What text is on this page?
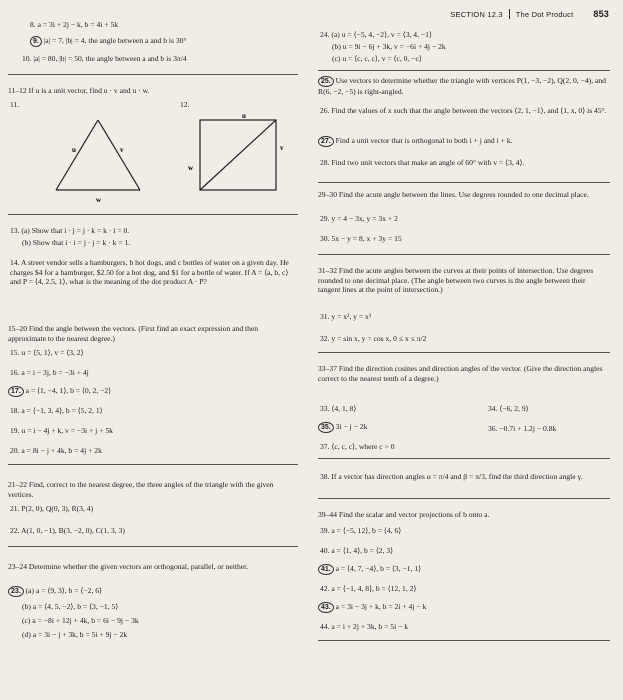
SECTION 12.3 The Dot Product 853
8. a = 3i + 2j − k, b = 4i + 5k
9. |a| = 7, |b| = 4, the angle between a and b is 30°
10. |a| = 80, |b| = 50, the angle between a and b is 3π/4
11–12 If u is a unit vector, find u · v and u · w.
11.	12.
u	v
w
u
v
w
13. (a) Show that i · j = j · k = k · i = 0.
(b) Show that i · i = j · j = k · k = 1.
14. A street vendor sells a hamburgers, b hot dogs, and c bottles of water on a given day. He charges $4 for a hamburger, $2.50 for a hot dog, and $1 for a bottle of water. If A = ⟨a, b, c⟩ and P = ⟨4, 2.5, 1⟩, what is the meaning of the dot product A · P?
15–20 Find the angle between the vectors. (First find an exact expression and then approximate to the nearest degree.)
15. u = ⟨5, 1⟩, v = ⟨3, 2⟩
16. a = i − 3j, b = −3i + 4j
17. a = ⟨1, −4, 1⟩, b = ⟨0, 2, −2⟩
18. a = ⟨−1, 3, 4⟩, b = ⟨5, 2, 1⟩
19. u = i − 4j + k, v = −3i + j + 5k
20. a = 8i − j + 4k, b = 4j + 2k
21–22 Find, correct to the nearest degree, the three angles of the triangle with the given vertices.
21. P(2, 0), Q(0, 3), R(3, 4)
22. A(1, 0, −1), B(3, −2, 0), C(1, 3, 3)
23–24 Determine whether the given vectors are orthogonal, parallel, or neither.
23. (a) a = ⟨9, 3⟩, b = ⟨−2, 6⟩
(b) a = ⟨4, 5, −2⟩, b = ⟨3, −1, 5⟩
(c) a = −8i + 12j + 4k, b = 6i − 9j − 3k
(d) a = 3i − j + 3k, b = 5i + 9j − 2k
24. (a) u = ⟨−5, 4, −2⟩, v = ⟨3, 4, −1⟩
(b) u = 9i − 6j + 3k, v = −6i + 4j − 2k
(c) u = ⟨c, c, c⟩, v = ⟨c, 0, −c⟩
25. Use vectors to determine whether the triangle with vertices P(1, −3, −2), Q(2, 0, −4), and R(6, −2, −5) is right-angled.
26. Find the values of x such that the angle between the vectors ⟨2, 1, −1⟩, and ⟨1, x, 0⟩ is 45°.
27. Find a unit vector that is orthogonal to both i + j and i + k.
28. Find two unit vectors that make an angle of 60° with v = ⟨3, 4⟩.
29–30 Find the acute angle between the lines. Use degrees rounded to one decimal place.
29. y = 4 − 3x, y = 3x + 2
30. 5x − y = 8, x + 3y = 15
31–32 Find the acute angles between the curves at their points of intersection. Use degrees rounded to one decimal place. (The angle between two curves is the angle between their tangent lines at the point of intersection.)
31. y = x², y = x³
32. y = sin x, y = cos x, 0 ≤ x ≤ π/2
33–37 Find the direction cosines and direction angles of the vector. (Give the direction angles correct to the nearest tenth of a degree.)
33. ⟨4, 1, 8⟩	34. ⟨−6, 2, 9⟩
35. 3i − j − 2k	36. −0.7i + 1.2j − 0.8k
37. ⟨c, c, c⟩, where c > 0
38. If a vector has direction angles α = π/4 and β = π/3, find the third direction angle γ.
39–44 Find the scalar and vector projections of b onto a.
39. a = ⟨−5, 12⟩, b = ⟨4, 6⟩
40. a = ⟨1, 4⟩, b = ⟨2, 3⟩
41. a = ⟨4, 7, −4⟩, b = ⟨3, −1, 1⟩
42. a = ⟨−1, 4, 8⟩, b = ⟨12, 1, 2⟩
43. a = 3i − 3j + k, b = 2i + 4j − k
44. a = i + 2j + 3k, b = 5i − k
